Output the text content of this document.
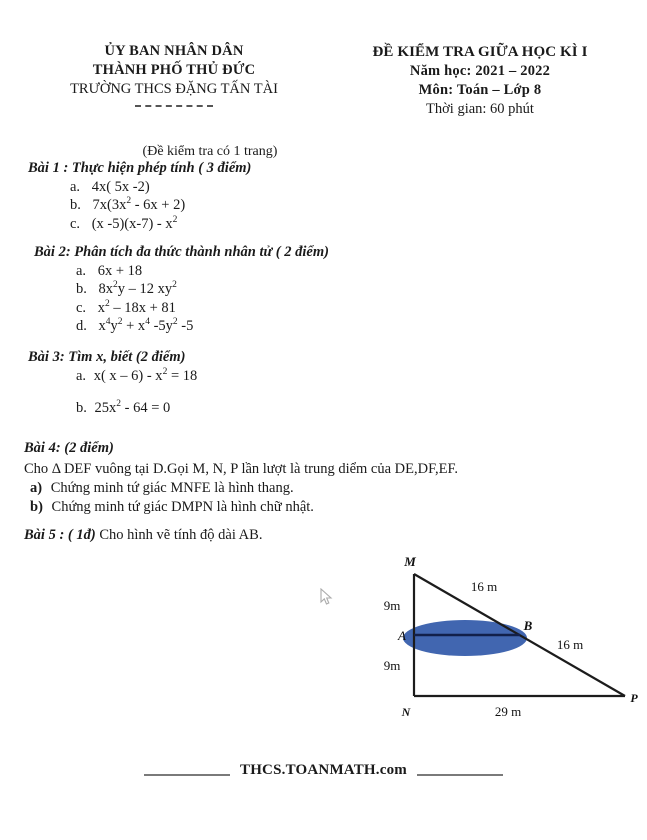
ỦY BAN NHÂN DÂN
THÀNH PHỐ THỦ ĐỨC
TRƯỜNG THCS ĐẶNG TẤN TÀI
ĐỀ KIỂM TRA GIỮA HỌC KÌ I
Năm học: 2021 – 2022
Môn: Toán – Lớp 8
Thời gian: 60 phút
(Đề kiểm tra có 1 trang)
Bài 1 : Thực hiện phép tính ( 3 điểm)
a. 4x( 5x -2)
b. $7x(3x^2 - 6x + 2)$
c. (x $-5)(x-7) - x^2$
Bài 2: Phân tích đa thức thành nhân tử ( 2 điểm)
a. 6x + 18
b. $8x^2y - 12$ $xy^2$
c. $x^2 - 18x + 81$
d. $x^4y^2 + x^4$ $-5y^2$ -5
Bài 3: Tìm x, biết (2 điểm)
a. x( $x - 6) - x^2 = 18$
b. $25x^2 - 64 = 0$
Bài 4: (2 điểm)
Cho Δ DEF vuông tại D.Gọi M, N, P lần lượt là trung diểm của DE,DF,EF.
a) Chứng minh tứ giác MNFE là hình thang.
b) Chứng minh tứ giác DMPN là hình chữ nhật.
Bài 5 : ( 1đ) Cho hình vẽ tính độ dài AB.
M
N
P
A
B
9m
9m
16 m
16 m
29 m
THCS.TOANMATH.com
